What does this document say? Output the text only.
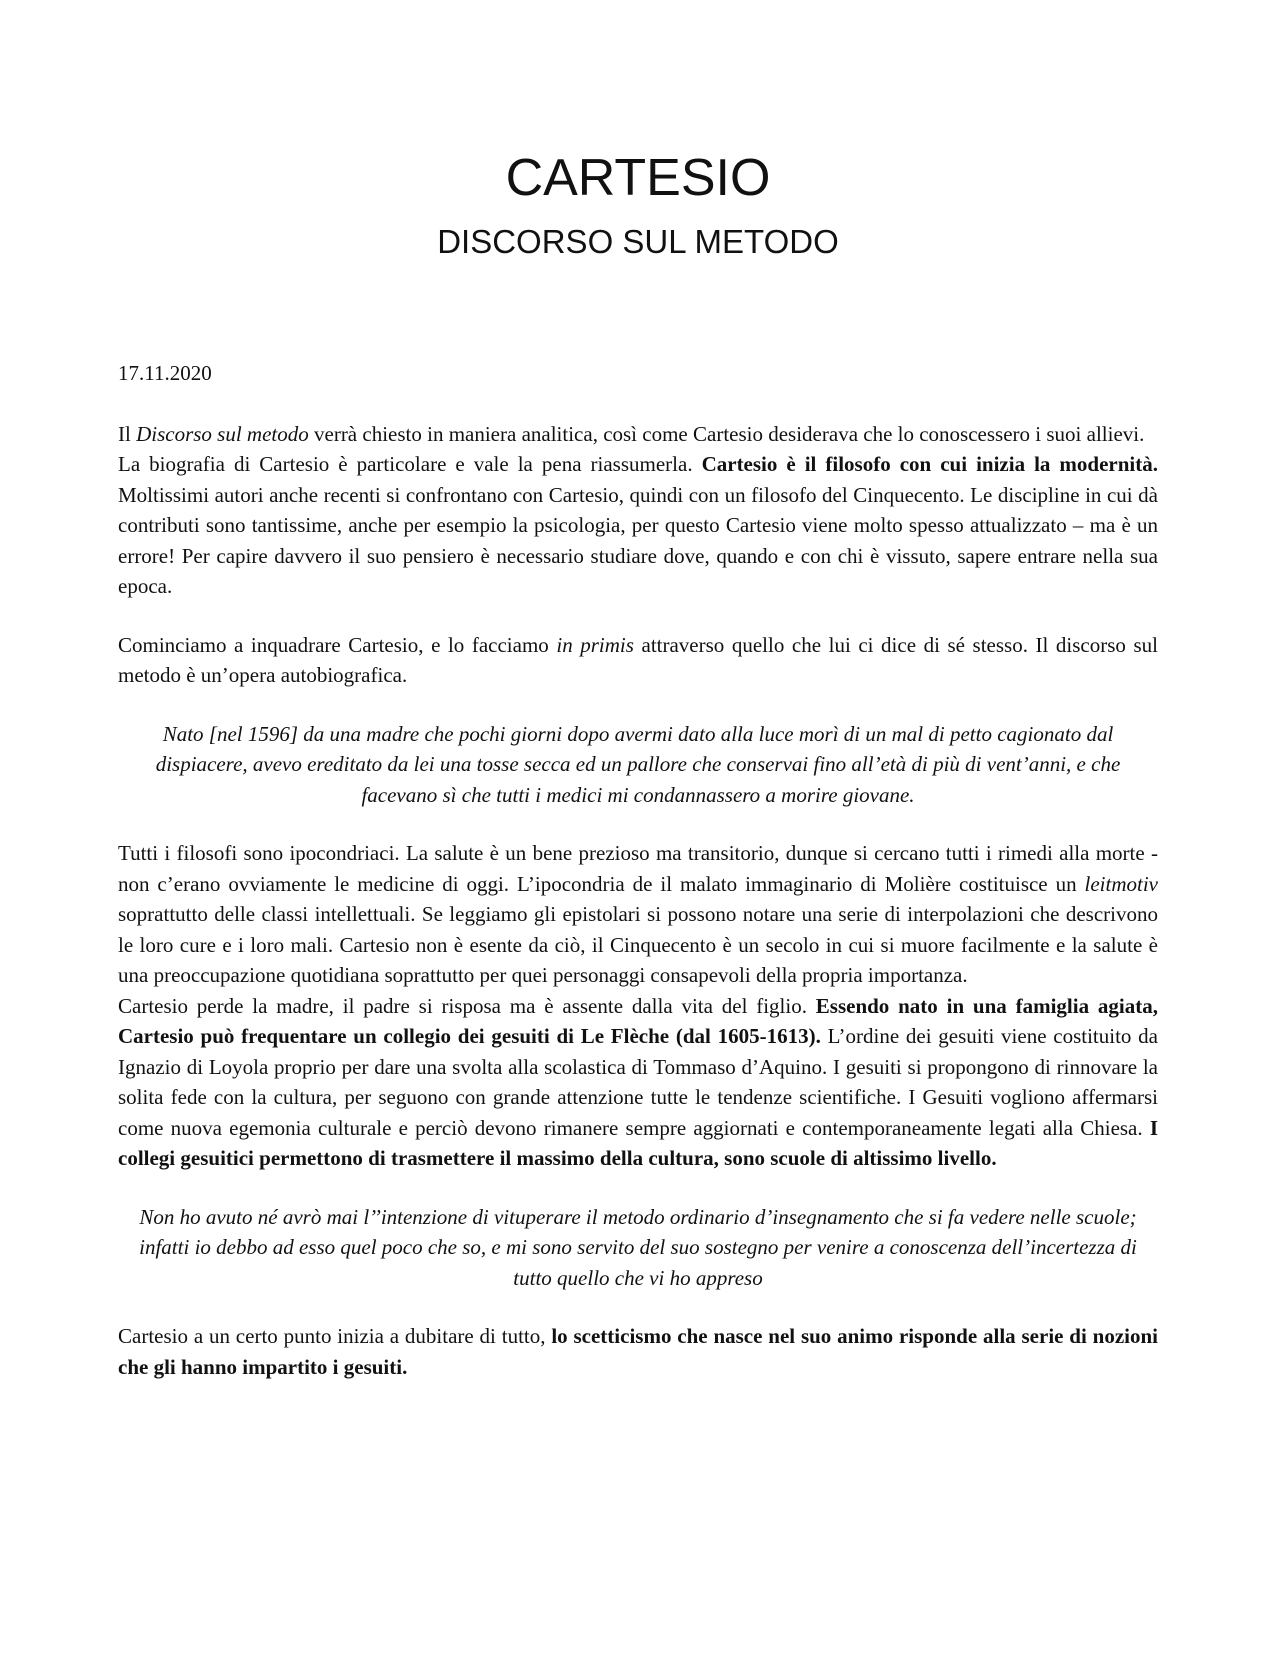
CARTESIO
DISCORSO SUL METODO

17.11.2020

Il Discorso sul metodo verrà chiesto in maniera analitica, così come Cartesio desiderava che lo conoscessero i suoi allievi.

La biografia di Cartesio è particolare e vale la pena riassumerla. Cartesio è il filosofo con cui inizia la modernità. Moltissimi autori anche recenti si confrontano con Cartesio, quindi con un filosofo del Cinquecento. Le discipline in cui dà contributi sono tantissime, anche per esempio la psicologia, per questo Cartesio viene molto spesso attualizzato – ma è un errore! Per capire davvero il suo pensiero è necessario studiare dove, quando e con chi è vissuto, sapere entrare nella sua epoca.

Cominciamo a inquadrare Cartesio, e lo facciamo in primis attraverso quello che lui ci dice di sé stesso. Il discorso sul metodo è un’opera autobiografica.

Nato [nel 1596] da una madre che pochi giorni dopo avermi dato alla luce morì di un mal di petto cagionato dal dispiacere, avevo ereditato da lei una tosse secca ed un pallore che conservai fino all’età di più di vent’anni, e che facevano sì che tutti i medici mi condannassero a morire giovane.

Tutti i filosofi sono ipocondriaci. La salute è un bene prezioso ma transitorio, dunque si cercano tutti i rimedi alla morte - non c’erano ovviamente le medicine di oggi. L’ipocondria de il malato immaginario di Molière costituisce un leitmotiv soprattutto delle classi intellettuali. Se leggiamo gli epistolari si possono notare una serie di interpolazioni che descrivono le loro cure e i loro mali. Cartesio non è esente da ciò, il Cinquecento è un secolo in cui si muore facilmente e la salute è una preoccupazione quotidiana soprattutto per quei personaggi consapevoli della propria importanza.

Cartesio perde la madre, il padre si risposa ma è assente dalla vita del figlio. Essendo nato in una famiglia agiata, Cartesio può frequentare un collegio dei gesuiti di Le Flèche (dal 1605-1613). L’ordine dei gesuiti viene costituito da Ignazio di Loyola proprio per dare una svolta alla scolastica di Tommaso d’Aquino. I gesuiti si propongono di rinnovare la solita fede con la cultura, per seguono con grande attenzione tutte le tendenze scientifiche. I Gesuiti vogliono affermarsi come nuova egemonia culturale e perciò devono rimanere sempre aggiornati e contemporaneamente legati alla Chiesa. I collegi gesuitici permettono di trasmettere il massimo della cultura, sono scuole di altissimo livello.

Non ho avuto né avrò mai l’’intenzione di vituperare il metodo ordinario d’insegnamento che si fa vedere nelle scuole; infatti io debbo ad esso quel poco che so, e mi sono servito del suo sostegno per venire a conoscenza dell’incertezza di tutto quello che vi ho appreso

Cartesio a un certo punto inizia a dubitare di tutto, lo scetticismo che nasce nel suo animo risponde alla serie di nozioni che gli hanno impartito i gesuiti.
